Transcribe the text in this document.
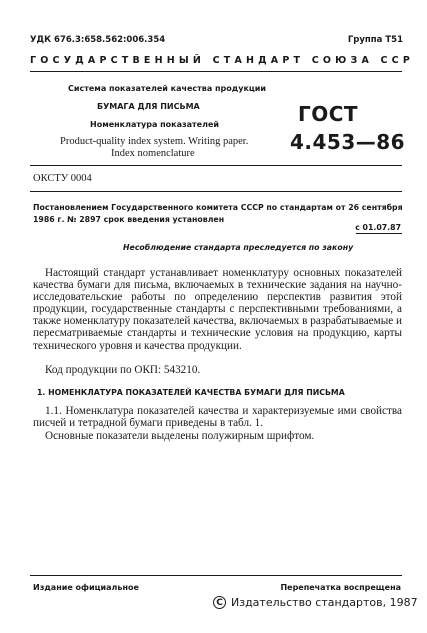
УДК 676.3:658.562:006.354	Группа Т51
ГОСУДАРСТВЕННЫЙ СТАНДАРТ СОЮЗА ССР
Система показателей качества продукции
БУМАГА ДЛЯ ПИСЬМА
Номенклатура показателей
Product-quality index system. Writing paper.
Index nomenclature
ГОСТ
4.453—86
ОКСТУ 0004
Постановлением Государственного комитета СССР по стандартам от 26 сентября
1986 г. № 2897 срок введения установлен
с 01.07.87
Несоблюдение стандарта преследуется по закону

Настоящий стандарт устанавливает номенклатуру основных показателей качества бумаги для письма, включаемых в технические задания на научно-исследовательские работы по определению перспектив развития этой продукции, государственные стандарты с перспективными требованиями, а также номенклатуру показателей качества, включаемых в разрабатываемые и пересматриваемые стандарты и технические условия на продукцию, карты технического уровня и качества продукции.

Код продукции по ОКП: 543210.
1. НОМЕНКЛАТУРА ПОКАЗАТЕЛЕЙ КАЧЕСТВА БУМАГИ ДЛЯ ПИСЬМА

1.1. Номенклатура показателей качества и характеризуемые ими свойства писчей и тетрадной бумаги приведены в табл. 1.

Основные показатели выделены полужирным шрифтом.
Издание официальное	Перепечатка воспрещена
C Издательство стандартов, 1987
